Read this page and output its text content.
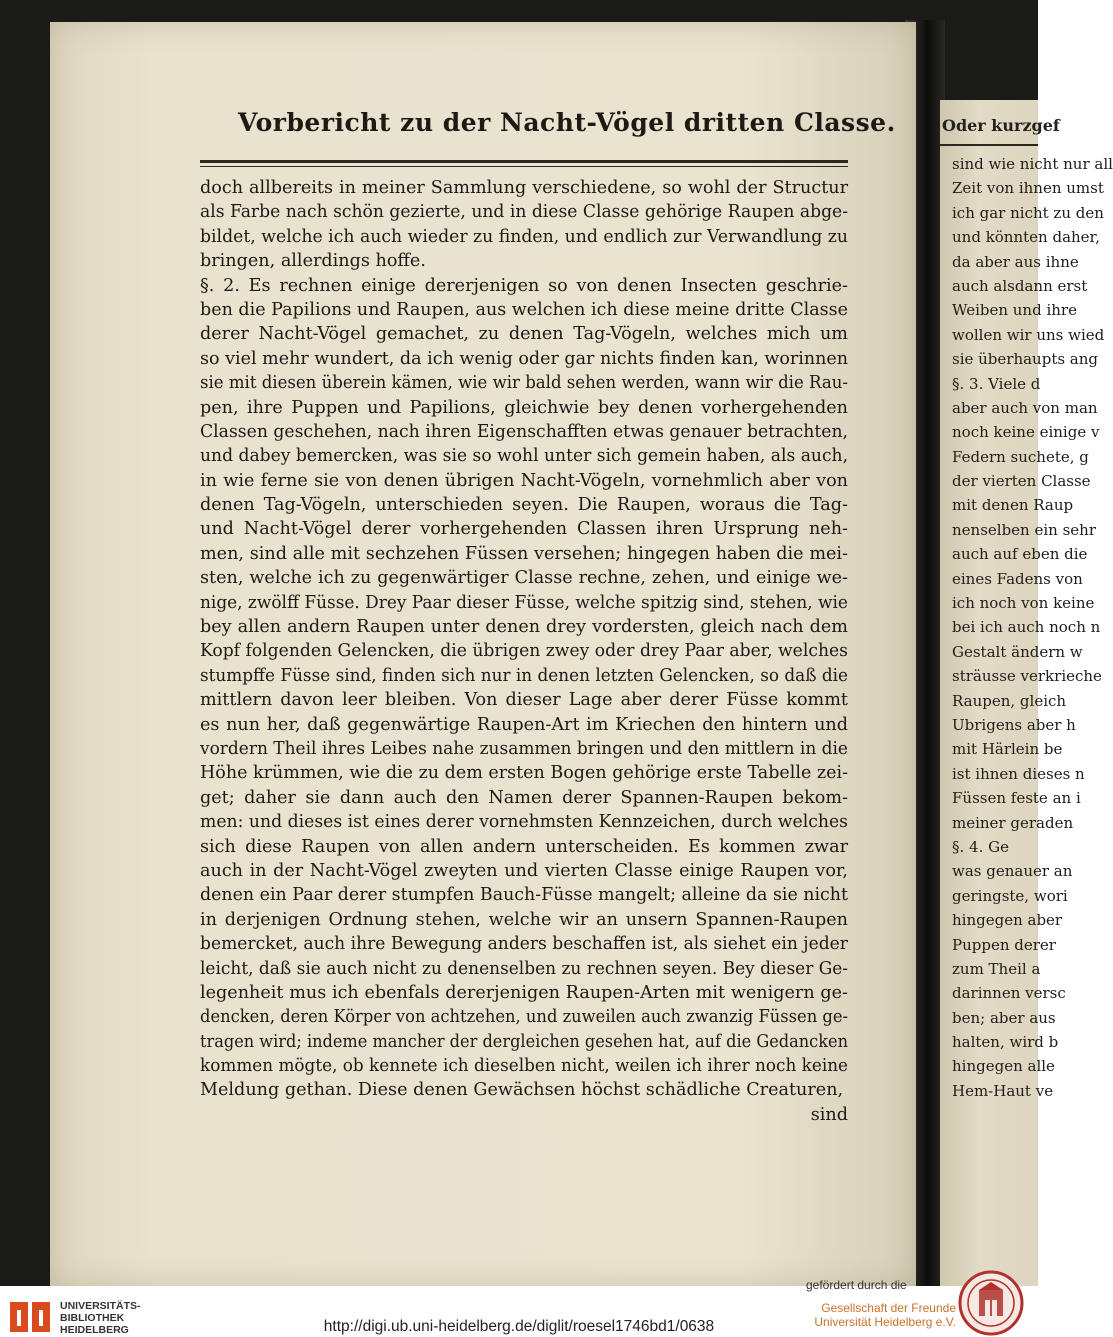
Vorbericht zu der Nacht-Vögel dritten Classe.
doch allbereits in meiner Sammlung verschiedene, so wohl der Structur
als Farbe nach schön gezierte, und in diese Classe gehörige Raupen abge-
bildet, welche ich auch wieder zu finden, und endlich zur Verwandlung zu
bringen, allerdings hoffe.
§. 2. Es rechnen einige dererjenigen so von denen Insecten geschrie-
ben die Papilions und Raupen, aus welchen ich diese meine dritte Classe
derer Nacht-Vögel gemachet, zu denen Tag-Vögeln, welches mich um
so viel mehr wundert, da ich wenig oder gar nichts finden kan, worinnen
sie mit diesen überein kämen, wie wir bald sehen werden, wann wir die Rau-
pen, ihre Puppen und Papilions, gleichwie bey denen vorhergehenden
Classen geschehen, nach ihren Eigenschafften etwas genauer betrachten,
und dabey bemercken, was sie so wohl unter sich gemein haben, als auch,
in wie ferne sie von denen übrigen Nacht-Vögeln, vornehmlich aber von
denen Tag-Vögeln, unterschieden seyen. Die Raupen, woraus die Tag-
und Nacht-Vögel derer vorhergehenden Classen ihren Ursprung neh-
men, sind alle mit sechzehen Füssen versehen; hingegen haben die mei-
sten, welche ich zu gegenwärtiger Classe rechne, zehen, und einige we-
nige, zwölff Füsse. Drey Paar dieser Füsse, welche spitzig sind, stehen, wie
bey allen andern Raupen unter denen drey vordersten, gleich nach dem
Kopf folgenden Gelencken, die übrigen zwey oder drey Paar aber, welches
stumpffe Füsse sind, finden sich nur in denen letzten Gelencken, so daß die
mittlern davon leer bleiben. Von dieser Lage aber derer Füsse kommt
es nun her, daß gegenwärtige Raupen-Art im Kriechen den hintern und
vordern Theil ihres Leibes nahe zusammen bringen und den mittlern in die
Höhe krümmen, wie die zu dem ersten Bogen gehörige erste Tabelle zei-
get; daher sie dann auch den Namen derer Spannen-Raupen bekom-
men: und dieses ist eines derer vornehmsten Kennzeichen, durch welches
sich diese Raupen von allen andern unterscheiden. Es kommen zwar
auch in der Nacht-Vögel zweyten und vierten Classe einige Raupen vor,
denen ein Paar derer stumpfen Bauch-Füsse mangelt; alleine da sie nicht
in derjenigen Ordnung stehen, welche wir an unsern Spannen-Raupen
bemercket, auch ihre Bewegung anders beschaffen ist, als siehet ein jeder
leicht, daß sie auch nicht zu denenselben zu rechnen seyen. Bey dieser Ge-
legenheit mus ich ebenfals dererjenigen Raupen-Arten mit wenigern ge-
dencken, deren Körper von achtzehen, und zuweilen auch zwanzig Füssen ge-
tragen wird; indeme mancher der dergleichen gesehen hat, auf die Gedancken
kommen mögte, ob kennete ich dieselben nicht, weilen ich ihrer noch keine
Meldung gethan. Diese denen Gewächsen höchst schädliche Creaturen,
sind
Oder kurzgef
sind wie nicht nur all
Zeit von ihnen umst
ich gar nicht zu den
und könnten daher,
da aber aus ihne
auch alsdann erst
Weiben und ihre
wollen wir uns wied
sie überhaupts ang
§. 3. Viele d
aber auch von man
noch keine einige v
Federn suchete, g
der vierten Classe
mit denen Raup
nenselben ein sehr
auch auf eben die
eines Fadens von
ich noch von keine
bei ich auch noch n
Gestalt ändern w
sträusse verkrieche
Raupen, gleich
Ubrigens aber h
mit Härlein be
ist ihnen dieses n
Füssen feste an i
meiner geraden
§. 4. Ge
was genauer an
geringste, wori
hingegen aber
Puppen derer
zum Theil a
darinnen versc
ben; aber aus
halten, wird b
hingegen alle
Hem-Haut ve
UNIVERSITÄTS-
BIBLIOTHEK
HEIDELBERG	http://digi.ub.uni-heidelberg.de/diglit/roesel1746bd1/0638
gefördert durch die
Gesellschaft der Freunde
Universität Heidelberg e.V.
